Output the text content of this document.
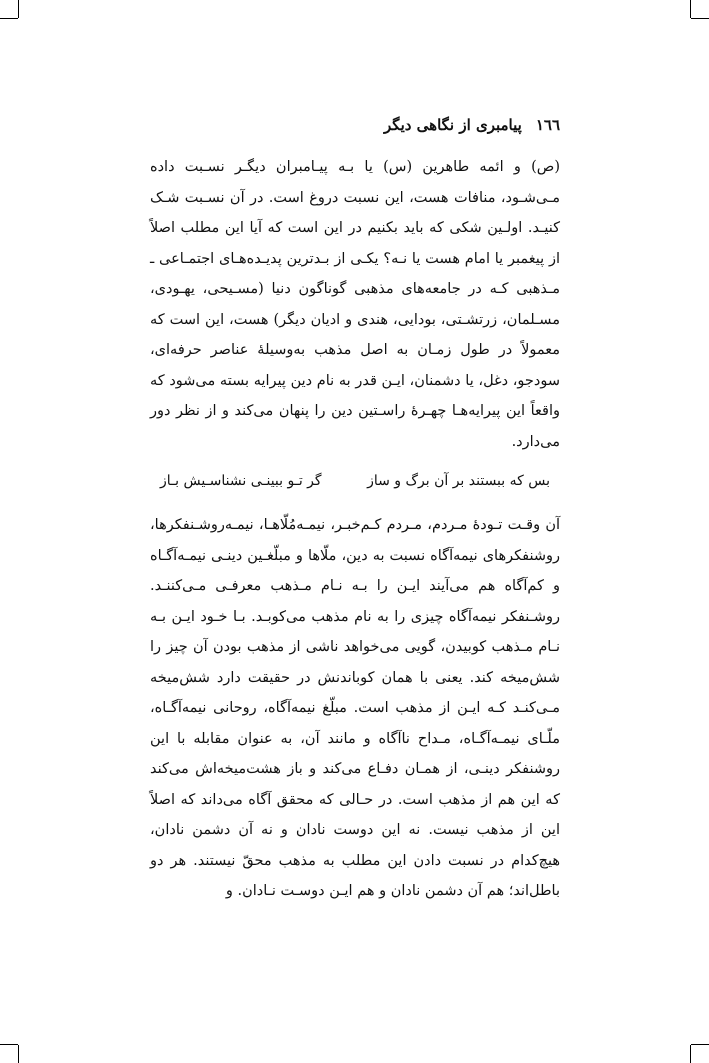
١٦٦
پیامبری از نگاهی دیگر

(ص) و ائمه طاهرین (س) یا بـه پیـامبران دیگـر نسـبت داده مـی‌شـود، منافات هست، این نسبت دروغ است. در آن نسـبت شـک کنیـد. اولـین شکی که باید بکنیم در این است که آیا این مطلب اصلاً از پیغمبر یا امام هست یا نـه؟ یکـی از بـدترین پدیـده‌هـای اجتمـاعی ـ مـذهبی کـه در جامعه‌های مذهبی گوناگون دنیا (مسـیحی، یهـودی، مسـلمان، زرتشـتی، بودایی، هندی و ادیان دیگر) هست، این است که معمولاً در طول زمـان به اصل مذهب به‌وسیلهٔ عناصر حرفه‌ای، سودجو، دغل، یا دشمنان، ایـن قدر به نام دین پیرایه بسته می‌شود که واقعاً این پیرایه‌هـا چهـرهٔ راسـتین دین را پنهان می‌کند و از نظر دور می‌دارد.

بس که ببستند بر آن برگ و ساز
گر تـو ببینـی نشناسـیش بـاز

آن وقـت تـودهٔ مـردم، مـردم کـم‌خبـر، نیمـه‌مُلّاهـا، نیمـه‌روشـنفکرها، روشنفکرهای نیمه‌آگاه نسبت به دین، ملّاها و مبلّغـین دینـی نیمـه‌آگـاه و کم‌آگاه هم می‌آیند ایـن را بـه نـام مـذهب معرفـی مـی‌کننـد. روشـنفکر نیمه‌آگاه چیزی را به نام مذهب می‌کوبـد. بـا خـود ایـن بـه نـام مـذهب کوبیدن، گویی می‌خواهد ناشی از مذهب بودن آن چیز را شش‌میخه کند. یعنی با همان کوباندنش در حقیقت دارد شش‌میخه مـی‌کنـد کـه ایـن از مذهب است. مبلّغ نیمه‌آگاه، روحانی نیمه‌آگـاه، ملّـای نیمـه‌آگـاه، مـداح ناآگاه و مانند آن، به عنوان مقابله با این روشنفکر دینـی، از همـان دفـاع می‌کند و باز هشت‌میخه‌اش می‌کند که این هم از مذهب است. در حـالی که محقق آگاه می‌داند که اصلاً این از مذهب نیست. نه این دوست نادان و نه آن دشمن نادان، هیچ‌کدام در نسبت دادن این مطلب به مذهب محقّ نیستند. هر دو باطل‌اند؛ هم آن دشمن نادان و هم ایـن دوسـت نـادان. و
